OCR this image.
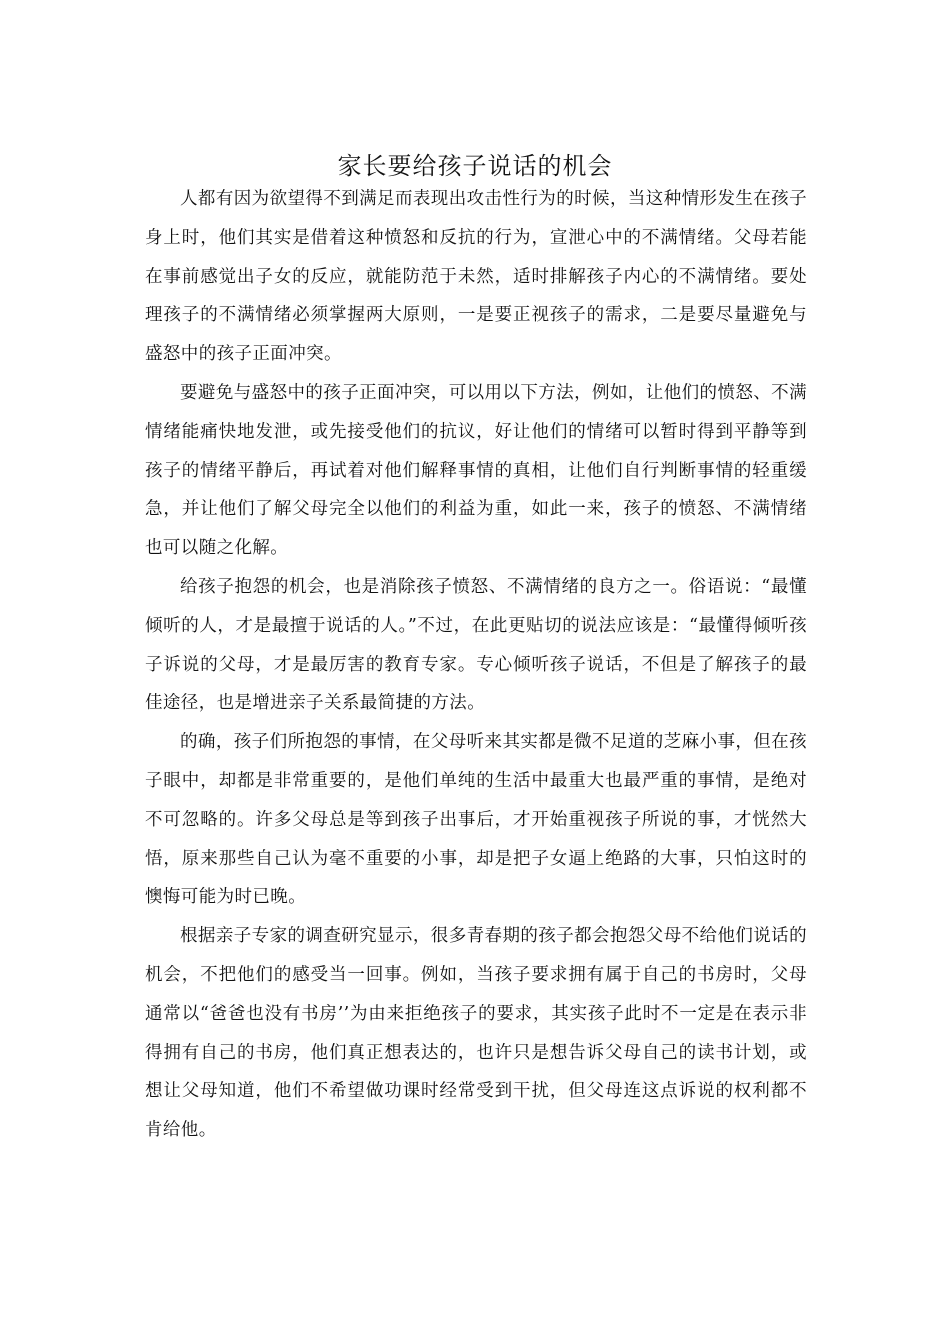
家长要给孩子说话的机会

人都有因为欲望得不到满足而表现出攻击性行为的时候，当这种情形发生在孩子身上时，他们其实是借着这种愤怒和反抗的行为，宣泄心中的不满情绪。父母若能在事前感觉出子女的反应，就能防范于未然，适时排解孩子内心的不满情绪。要处理孩子的不满情绪必须掌握两大原则，一是要正视孩子的需求，二是要尽量避免与盛怒中的孩子正面冲突。

要避免与盛怒中的孩子正面冲突，可以用以下方法，例如，让他们的愤怒、不满情绪能痛快地发泄，或先接受他们的抗议，好让他们的情绪可以暂时得到平静等到孩子的情绪平静后，再试着对他们解释事情的真相，让他们自行判断事情的轻重缓急，并让他们了解父母完全以他们的利益为重，如此一来，孩子的愤怒、不满情绪也可以随之化解。

给孩子抱怨的机会，也是消除孩子愤怒、不满情绪的良方之一。俗语说：“最懂倾听的人，才是最擅于说话的人。”不过，在此更贴切的说法应该是：“最懂得倾听孩子诉说的父母，才是最厉害的教育专家。专心倾听孩子说话，不但是了解孩子的最佳途径，也是增进亲子关系最简捷的方法。

的确，孩子们所抱怨的事情，在父母听来其实都是微不足道的芝麻小事，但在孩子眼中，却都是非常重要的，是他们单纯的生活中最重大也最严重的事情，是绝对不可忽略的。许多父母总是等到孩子出事后，才开始重视孩子所说的事，才恍然大悟，原来那些自己认为毫不重要的小事，却是把子女逼上绝路的大事，只怕这时的懊悔可能为时已晚。

根据亲子专家的调查研究显示，很多青春期的孩子都会抱怨父母不给他们说话的机会，不把他们的感受当一回事。例如，当孩子要求拥有属于自己的书房时，父母通常以“爸爸也没有书房’’为由来拒绝孩子的要求，其实孩子此时不一定是在表示非得拥有自己的书房，他们真正想表达的，也许只是想告诉父母自己的读书计划，或想让父母知道，他们不希望做功课时经常受到干扰，但父母连这点诉说的权利都不肯给他。
